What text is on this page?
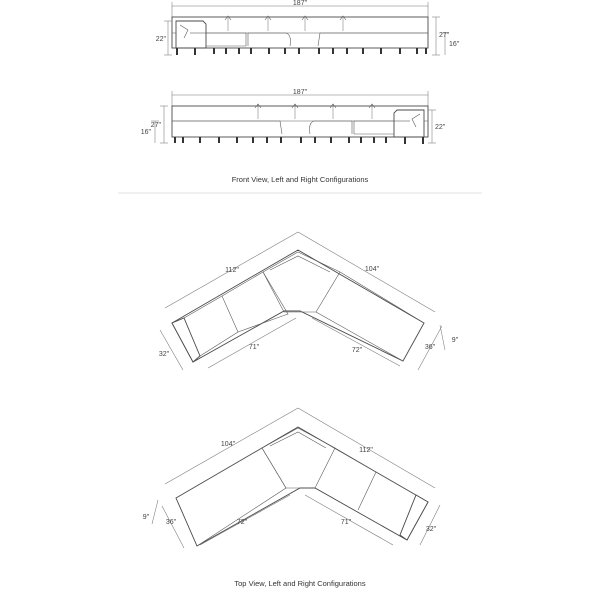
187"
22"
27"
16"
187"
27"
16"
22"
Front View, Left and Right Configurations
112"	104"
71"	72"
32"
36"
9"
104"
112"
72"	71"
36"
9"
32"
Top View, Left and Right Configurations
